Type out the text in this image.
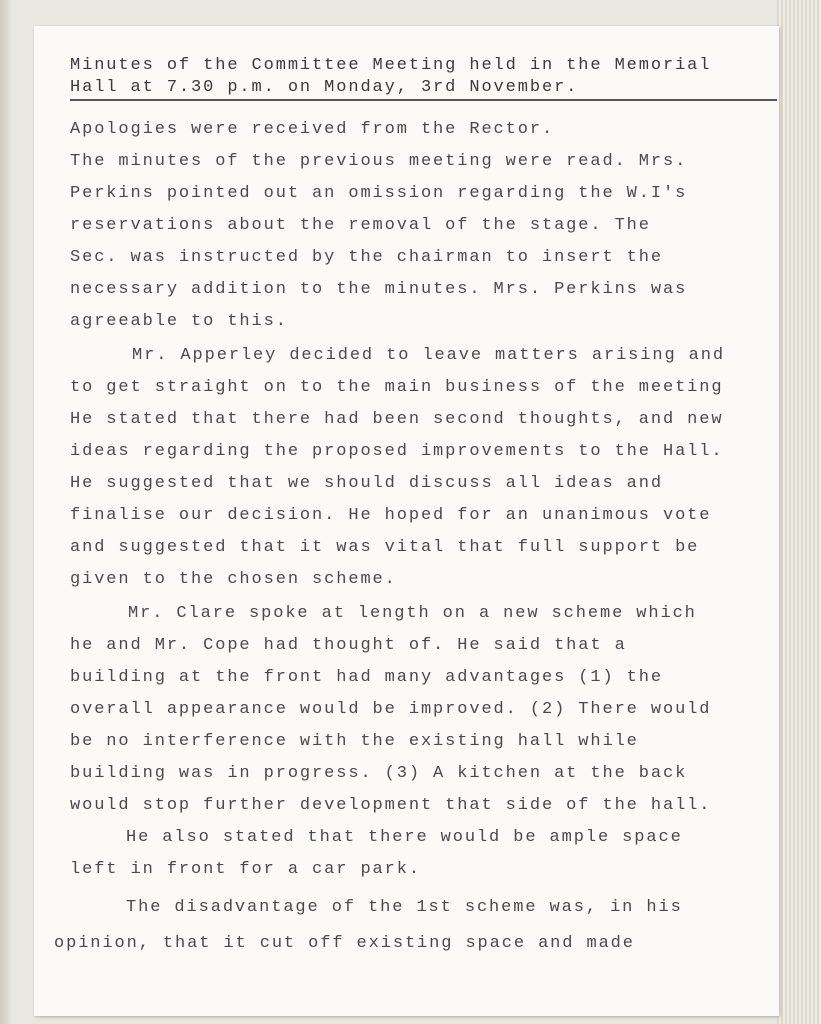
Minutes of the Committee Meeting held in the Memorial
Hall at 7.30 p.m. on Monday, 3rd November.
Apologies were received from the Rector.
The minutes of the previous meeting were read. Mrs.
Perkins pointed out an omission regarding the W.I's
reservations about the removal of the stage. The
Sec. was instructed by the chairman to insert the
necessary addition to the minutes. Mrs. Perkins was
agreeable to this.
Mr. Apperley decided to leave matters arising and
to get straight on to the main business of the meeting
He stated that there had been second thoughts, and new
ideas regarding the proposed improvements to the Hall.
He suggested that we should discuss all ideas and
finalise our decision. He hoped for an unanimous vote
and suggested that it was vital that full support be
given to the chosen scheme.
Mr. Clare spoke at length on a new scheme which
he and Mr. Cope had thought of. He said that a
building at the front had many advantages (1) the
overall appearance would be improved. (2) There would
be no interference with the existing hall while
building was in progress. (3) A kitchen at the back
would stop further development that side of the hall.
He also stated that there would be ample space
left in front for a car park.
The disadvantage of the 1st scheme was, in his
opinion, that it cut off existing space and made
